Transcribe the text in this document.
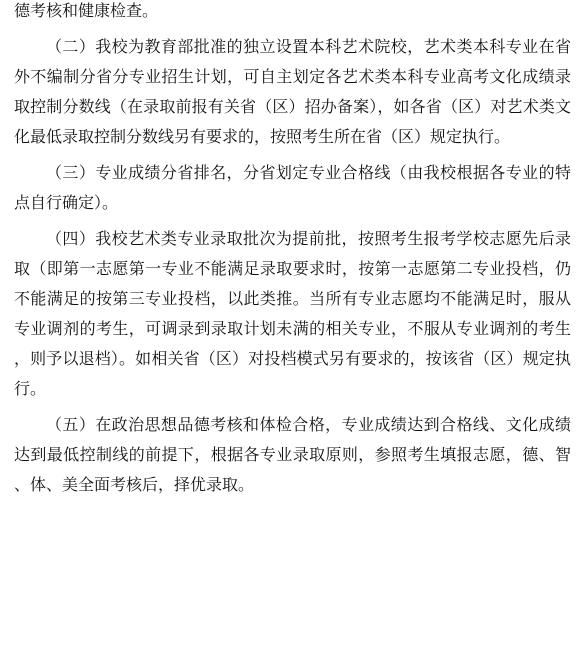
德考核和健康检查。

（二）我校为教育部批准的独立设置本科艺术院校，艺术类本科专业在省外不编制分省分专业招生计划，可自主划定各艺术类本科专业高考文化成绩录取控制分数线（在录取前报有关省（区）招办备案），如各省（区）对艺术类文化最低录取控制分数线另有要求的，按照考生所在省（区）规定执行。

（三）专业成绩分省排名，分省划定专业合格线（由我校根据各专业的特点自行确定）。

（四）我校艺术类专业录取批次为提前批，按照考生报考学校志愿先后录取（即第一志愿第一专业不能满足录取要求时，按第一志愿第二专业投档，仍不能满足的按第三专业投档，以此类推。当所有专业志愿均不能满足时，服从专业调剂的考生，可调录到录取计划未满的相关专业，不服从专业调剂的考生，则予以退档）。如相关省（区）对投档模式另有要求的，按该省（区）规定执行。

（五）在政治思想品德考核和体检合格，专业成绩达到合格线、文化成绩达到最低控制线的前提下，根据各专业录取原则，参照考生填报志愿，德、智、体、美全面考核后，择优录取。
